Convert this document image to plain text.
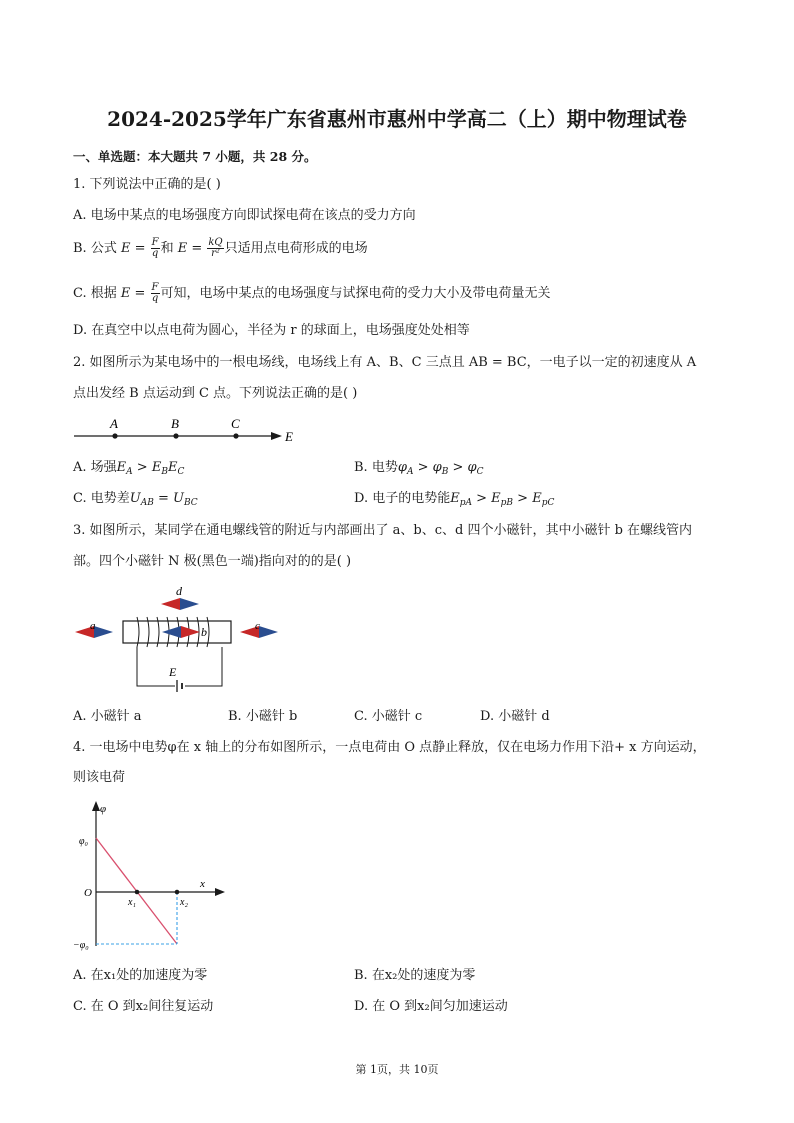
2024-2025学年广东省惠州市惠州中学高二（上）期中物理试卷
一、单选题：本大题共 7 小题，共 28 分。
1. 下列说法中正确的是( )
A. 电场中某点的电场强度方向即试探电荷在该点的受力方向
B. 公式 $E = \frac{F}{q}$ 和 $E = \frac{kQ}{\text{r²}}$ 只适用点电荷形成的电场
C. 根据 $E = \frac{F}{q}$ 可知，电场中某点的电场强度与试探电荷的受力大小及带电荷量无关
D. 在真空中以点电荷为圆心，半径为 r 的球面上，电场强度处处相等
2. 如图所示为某电场中的一根电场线，电场线上有 A、B、C 三点且 AB = BC，一电子以一定的初速度从 A
点出发经 B 点运动到 C 点。下列说法正确的是( )
A	B	C
E
A. 场强$E_A > E_BE_C$	B. 电势$\varphi_A > \varphi_B > \varphi_C$
C. 电势差$U_{AB} = U_{BC}$	D. 电子的电势能$E_{pA} > E_{pB} > E_{pC}$
3. 如图所示，某同学在通电螺线管的附近与内部画出了 a、b、c、d 四个小磁针，其中小磁针 b 在螺线管内
部。四个小磁针 N 极(黑色一端)指向对的的是( )
E
d
a	b	c
A. 小磁针 a	B. 小磁针 b	C. 小磁针 c	D. 小磁针 d
4. 一电场中电势φ在 x 轴上的分布如图所示，一点电荷由 O 点静止释放，仅在电场力作用下沿+ x 方向运动，
则该电荷
φ
φ₀
O
x
x₁	x₂
−φ₀
A. 在x₁处的加速度为零	B. 在x₂处的速度为零
C. 在 O 到x₂间往复运动	D. 在 O 到x₂间匀加速运动
第 1页，共 10页
